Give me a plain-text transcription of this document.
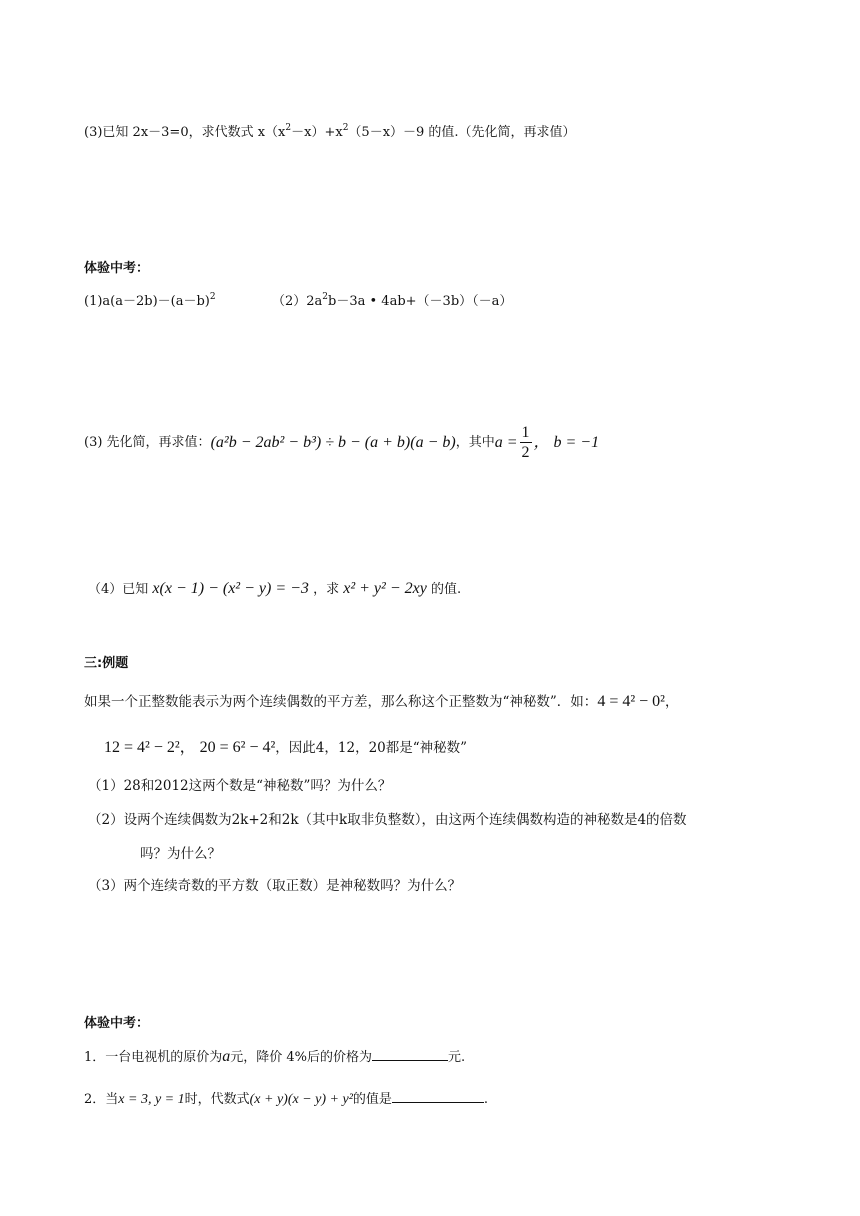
(3)已知 2x－3=0，求代数式 $x(x^2-x)+x^2(5-x)-9$ 的值.（先化简，再求值）
体验中考：
$(1)a(a-2b)-(a-b)^2$	$(2)2a^2b-3a$ • 4ab+（－3b）（－a）
(3) 先化简，再求值： (a²b − 2ab² − b³) ÷ b − (a + b)(a − b) ，其中 $a = \frac{1}{2}$ ， b = −1
（4）已知 x(x − 1) − (x² − y) = −3 ，求 x² + y² − 2xy 的值.
三:例题
如果一个正整数能表示为两个连续偶数的平方差，那么称这个正整数为“神秘数”．如：4 = 4² − 0²，
12 = 4² − 2²， 20 = 6² − 4²，因此4，12，20都是“神秘数”
（1）28和2012这两个数是“神秘数”吗？为什么？
（2）设两个连续偶数为2k+2和2k（其中k取非负整数），由这两个连续偶数构造的神秘数是4的倍数
吗？为什么？
（3）两个连续奇数的平方数（取正数）是神秘数吗？为什么？
体验中考：
1．一台电视机的原价为a元，降价 4%后的价格为	元.
2．当x = 3, y = 1时，代数式(x + y)(x − y) + y²的值是	.
